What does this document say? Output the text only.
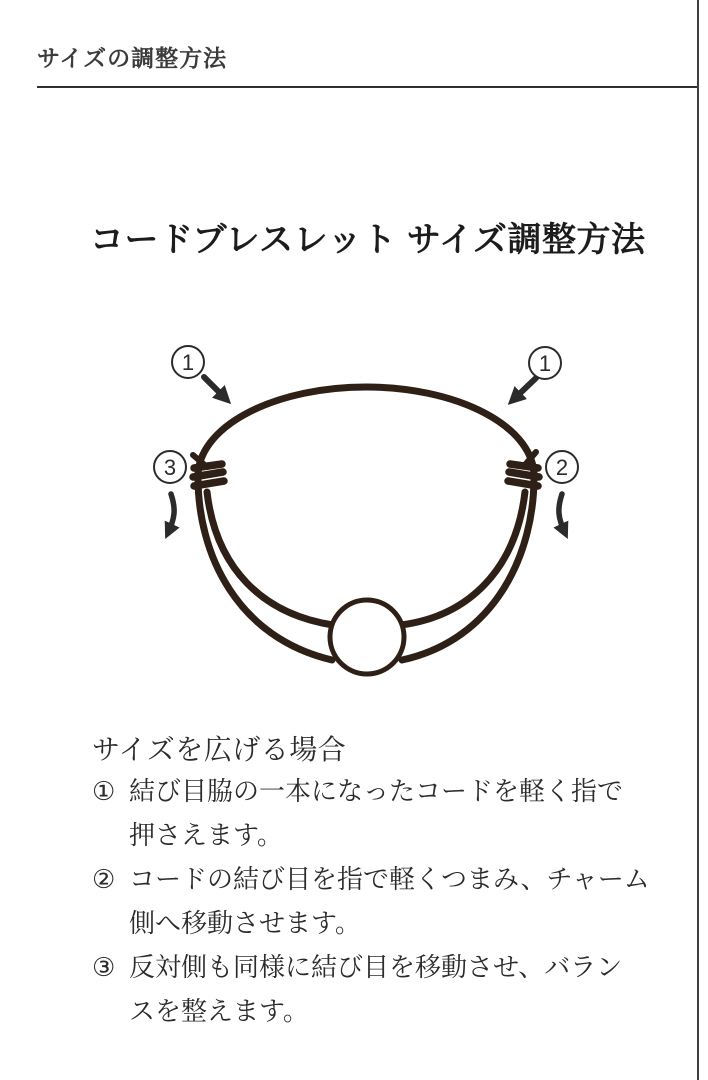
サイズの調整方法
コードブレスレット サイズ調整方法
1	1
3	2
サイズを広げる場合
① 結び目脇の一本になったコードを軽く指で
押さえます。
② コードの結び目を指で軽くつまみ、チャーム
側へ移動させます。
③ 反対側も同様に結び目を移動させ、バラン
スを整えます。
